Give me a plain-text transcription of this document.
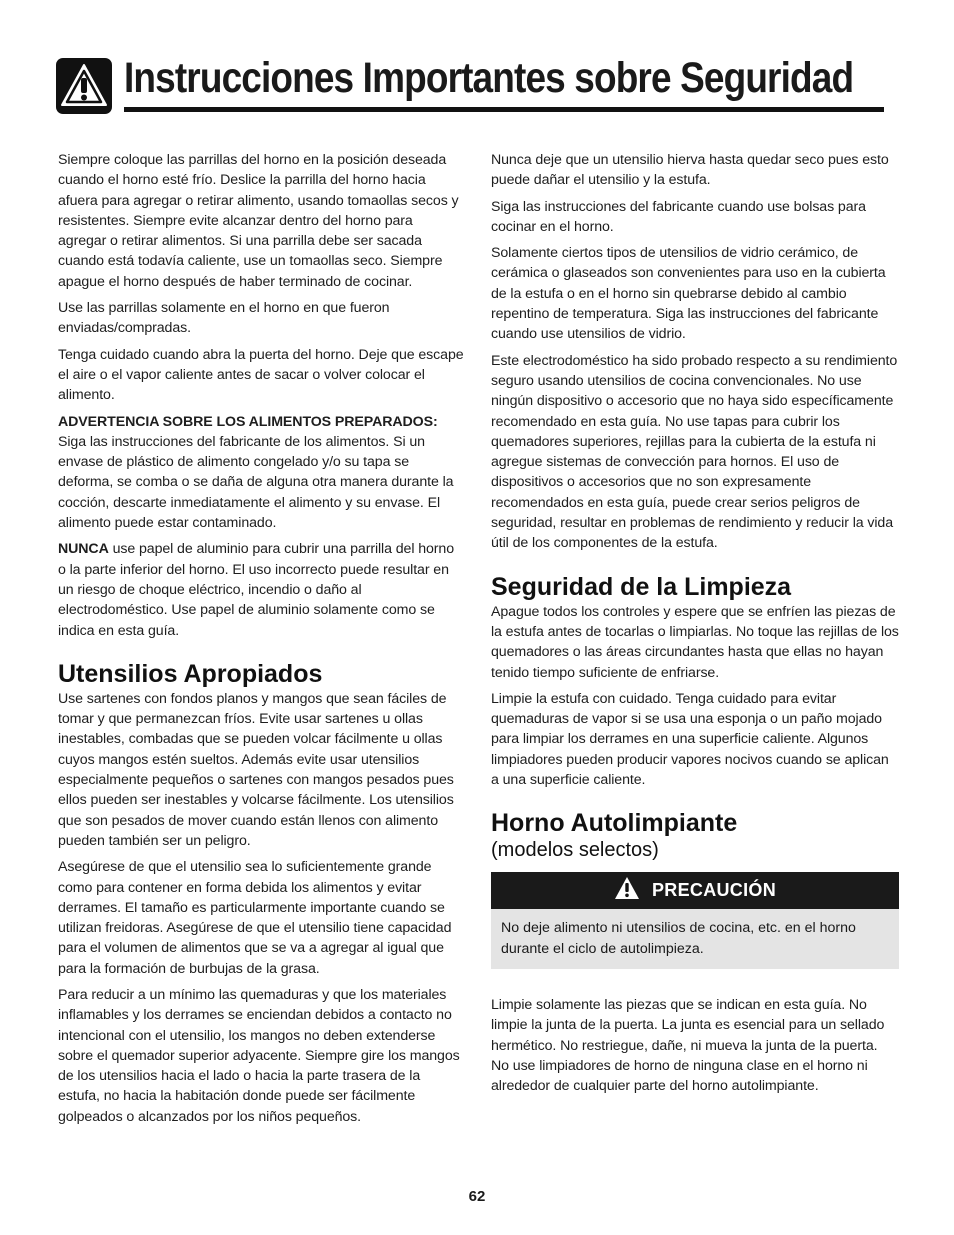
Instrucciones Importantes sobre Seguridad

Siempre coloque las parrillas del horno en la posición deseada cuando el horno esté frío. Deslice la parrilla del horno hacia afuera para agregar o retirar alimento, usando tomaollas secos y resistentes. Siempre evite alcanzar dentro del horno para agregar o retirar alimentos. Si una parrilla debe ser sacada cuando está todavía caliente, use un tomaollas seco. Siempre apague el horno después de haber terminado de cocinar.

Use las parrillas solamente en el horno en que fueron enviadas/compradas.

Tenga cuidado cuando abra la puerta del horno. Deje que escape el aire o el vapor caliente antes de sacar o volver colocar el alimento.

ADVERTENCIA SOBRE LOS ALIMENTOS PREPARADOS:
Siga las instrucciones del fabricante de los alimentos. Si un envase de plástico de alimento congelado y/o su tapa se deforma, se comba o se daña de alguna otra manera durante la cocción, descarte inmediatamente el alimento y su envase. El alimento puede estar contaminado.

NUNCA use papel de aluminio para cubrir una parrilla del horno o la parte inferior del horno. El uso incorrecto puede resultar en un riesgo de choque eléctrico, incendio o daño al electrodoméstico. Use papel de aluminio solamente como se indica en esta guía.

Utensilios Apropiados

Use sartenes con fondos planos y mangos que sean fáciles de tomar y que permanezcan fríos. Evite usar sartenes u ollas inestables, combadas que se pueden volcar fácilmente u ollas cuyos mangos estén sueltos. Además evite usar utensilios especialmente pequeños o sartenes con mangos pesados pues ellos pueden ser inestables y volcarse fácilmente. Los utensilios que son pesados de mover cuando están llenos con alimento pueden también ser un peligro.

Asegúrese de que el utensilio sea lo suficientemente grande como para contener en forma debida los alimentos y evitar derrames. El tamaño es particularmente importante cuando se utilizan freidoras. Asegúrese de que el utensilio tiene capacidad para el volumen de alimentos que se va a agregar al igual que para la formación de burbujas de la grasa.

Para reducir a un mínimo las quemaduras y que los materiales inflamables y los derrames se enciendan debidos a contacto no intencional con el utensilio, los mangos no deben extenderse sobre el quemador superior adyacente. Siempre gire los mangos de los utensilios hacia el lado o hacia la parte trasera de la estufa, no hacia la habitación donde puede ser fácilmente golpeados o alcanzados por los niños pequeños.

Nunca deje que un utensilio hierva hasta quedar seco pues esto puede dañar el utensilio y la estufa.

Siga las instrucciones del fabricante cuando use bolsas para cocinar en el horno.

Solamente ciertos tipos de utensilios de vidrio cerámico, de cerámica o glaseados son convenientes para uso en la cubierta de la estufa o en el horno sin quebrarse debido al cambio repentino de temperatura. Siga las instrucciones del fabricante cuando use utensilios de vidrio.

Este electrodoméstico ha sido probado respecto a su rendimiento seguro usando utensilios de cocina convencionales. No use ningún dispositivo o accesorio que no haya sido específicamente recomendado en esta guía. No use tapas para cubrir los quemadores superiores, rejillas para la cubierta de la estufa ni agregue sistemas de convección para hornos. El uso de dispositivos o accesorios que no son expresamente recomendados en esta guía, puede crear serios peligros de seguridad, resultar en problemas de rendimiento y reducir la vida útil de los componentes de la estufa.

Seguridad de la Limpieza

Apague todos los controles y espere que se enfríen las piezas de la estufa antes de tocarlas o limpiarlas. No toque las rejillas de los quemadores o las áreas circundantes hasta que ellas no hayan tenido tiempo suficiente de enfriarse.

Limpie la estufa con cuidado. Tenga cuidado para evitar quemaduras de vapor si se usa una esponja o un paño mojado para limpiar los derrames en una superficie caliente. Algunos limpiadores pueden producir vapores nocivos cuando se aplican a una superficie caliente.

Horno Autolimpiante
(modelos selectos)
PRECAUCIÓN
No deje alimento ni utensilios de cocina, etc. en el horno durante el ciclo de autolimpieza.

Limpie solamente las piezas que se indican en esta guía. No limpie la junta de la puerta. La junta es esencial para un sellado hermético. No restriegue, dañe, ni mueva la junta de la puerta. No use limpiadores de horno de ninguna clase en el horno ni alrededor de cualquier parte del horno autolimpiante.

62
